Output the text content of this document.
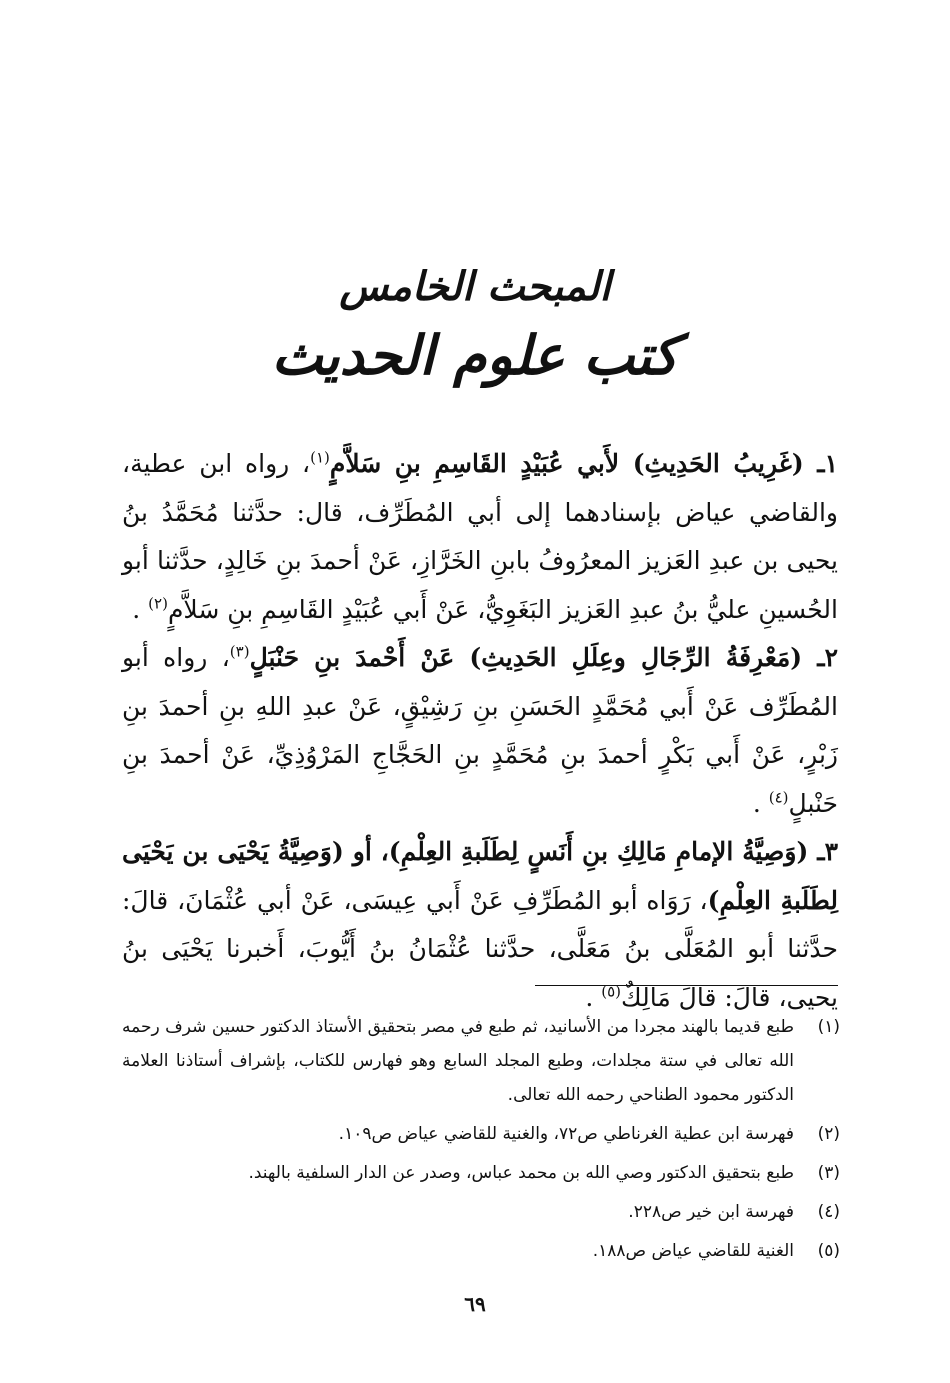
المبحث الخامس
كتب علوم الحديث

١ـ (غَرِيبُ الحَدِيثِ) لأَبي عُبَيْدٍ القَاسِمِ بنِ سَلاَّمٍ$^{(١)}$، رواه ابن عطية، والقاضي عياض بإسنادهما إلى أبي المُطَرِّف، قال: حدَّثنا مُحَمَّدُ بنُ يحيى بن عبدِ العَزيز المعرُوفُ بابنِ الخَرَّازِ، عَنْ أحمدَ بنِ خَالِدٍ، حدَّثنا أبو الحُسينِ عليُّ بنُ عبدِ العَزيز البَغَوِيُّ، عَنْ أَبي عُبَيْدٍ القَاسِمِ بنِ سَلاَّمٍ$^{(٢)}$ .

٢ـ (مَعْرِفَةُ الرِّجَالِ وعِلَلِ الحَدِيثِ) عَنْ أَحْمدَ بنِ حَنْبَلٍ$^{(٣)}$، رواه أبو المُطَرِّف عَنْ أَبي مُحَمَّدٍ الحَسَنِ بنِ رَشِيْقٍ، عَنْ عبدِ اللهِ بنِ أحمدَ بنِ زَبْرٍ، عَنْ أَبي بَكْرٍ أحمدَ بنِ مُحَمَّدٍ بنِ الحَجَّاجِ المَرْوُذِيِّ، عَنْ أحمدَ بنِ حَنْبلٍ$^{(٤)}$ .

٣ـ (وَصِيَّةُ الإمامِ مَالِكِ بنِ أَنَسٍ لِطَلَبةِ العِلْمِ)، أو (وَصِيَّةُ يَحْيَى بن يَحْيَى لِطَلَبةِ العِلْمِ)، رَوَاه أبو المُطَرِّفِ عَنْ أَبي عِيسَى، عَنْ أبي عُثْمَانَ، قالَ: حدَّثنا أبو المُعَلَّى بنُ مَعَلَّى، حدَّثنا عُثْمَانُ بنُ أَيُّوبَ، أَخبرنا يَحْيَى بنُ يحيى، قالَ: قالَ مَالِكٌ$^{(٥)}$ .

(١)
طبع قديما بالهند مجردا من الأسانيد، ثم طبع في مصر بتحقيق الأستاذ الدكتور حسين شرف رحمه الله تعالى في ستة مجلدات، وطبع المجلد السابع وهو فهارس للكتاب، بإشراف أستاذنا العلامة الدكتور محمود الطناحي رحمه الله تعالى.
(٢)
فهرسة ابن عطية الغرناطي ص٧٢، والغنية للقاضي عياض ص١٠٩.
(٣)
طبع بتحقيق الدكتور وصي الله بن محمد عباس، وصدر عن الدار السلفية بالهند.
(٤)
فهرسة ابن خير ص٢٢٨.
(٥)
الغنية للقاضي عياض ص١٨٨.
٦٩
